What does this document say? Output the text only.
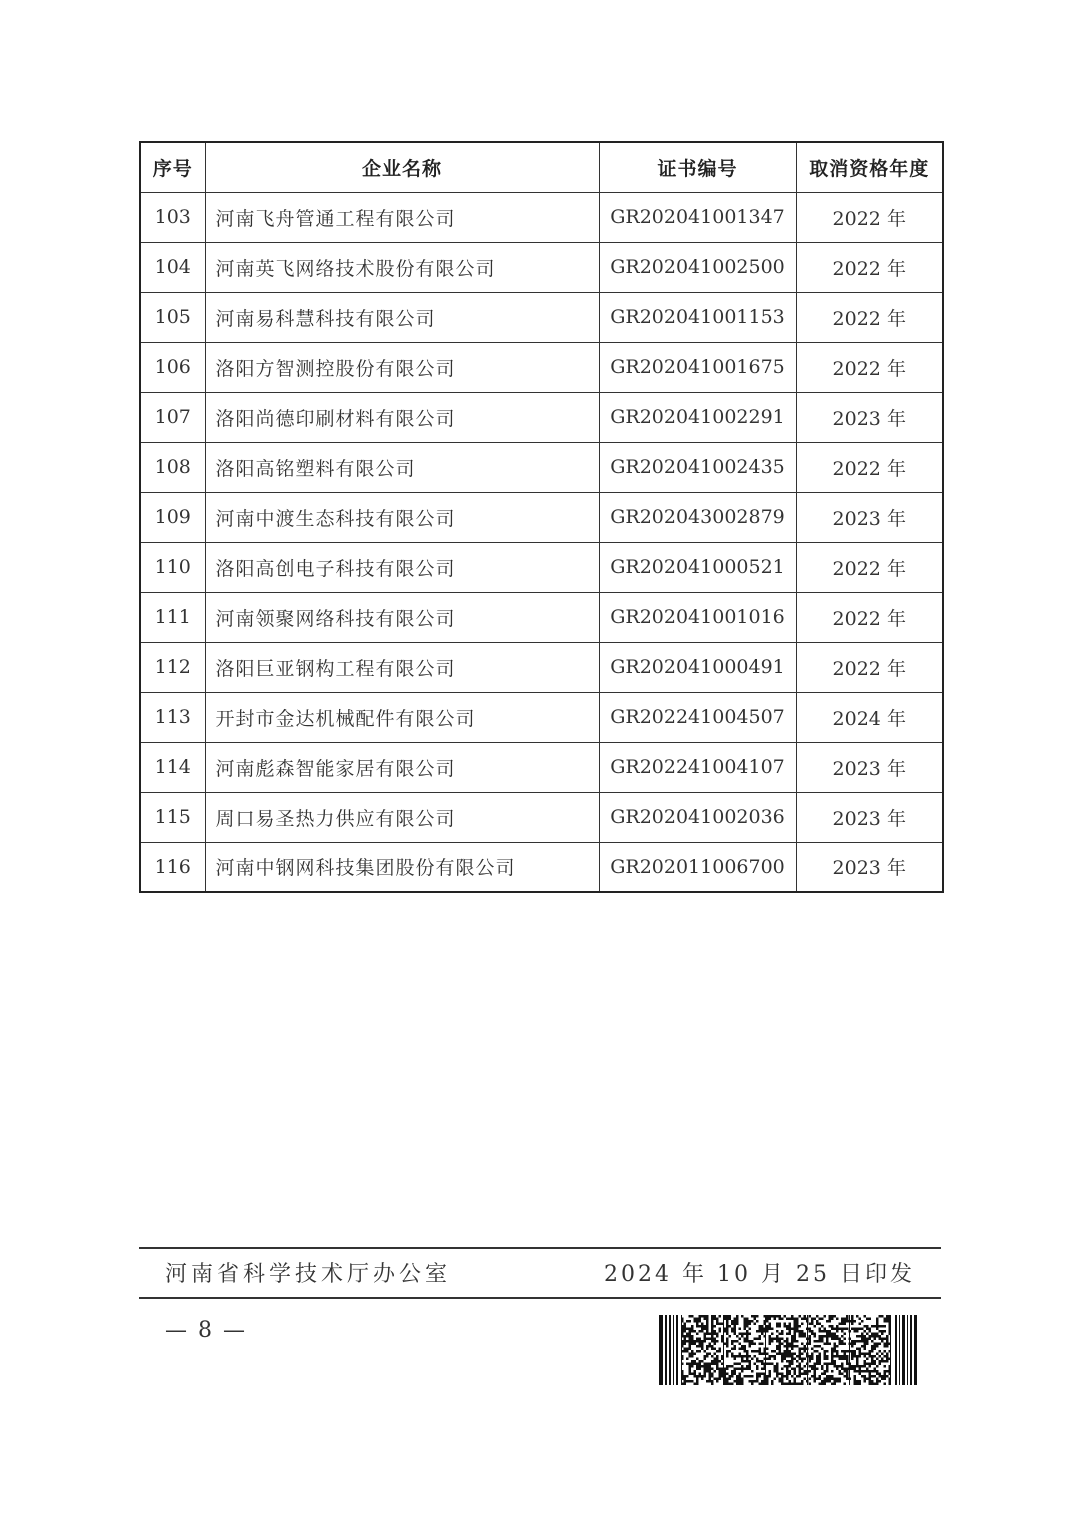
序号	企业名称	证书编号	取消资格年度
103	河南飞舟管通工程有限公司	GR202041001347	2022 年
104	河南英飞网络技术股份有限公司	GR202041002500	2022 年
105	河南易科慧科技有限公司	GR202041001153	2022 年
106	洛阳方智测控股份有限公司	GR202041001675	2022 年
107	洛阳尚德印刷材料有限公司	GR202041002291	2023 年
108	洛阳高铭塑料有限公司	GR202041002435	2022 年
109	河南中渡生态科技有限公司	GR202043002879	2023 年
110	洛阳高创电子科技有限公司	GR202041000521	2022 年
111	河南领聚网络科技有限公司	GR202041001016	2022 年
112	洛阳巨亚钢构工程有限公司	GR202041000491	2022 年
113	开封市金达机械配件有限公司	GR202241004507	2024 年
114	河南彪森智能家居有限公司	GR202241004107	2023 年
115	周口易圣热力供应有限公司	GR202041002036	2023 年
116	河南中钢网科技集团股份有限公司	GR202011006700	2023 年
河南省科学技术厅办公室	2024 年 10 月 25 日印发
— 8 —
